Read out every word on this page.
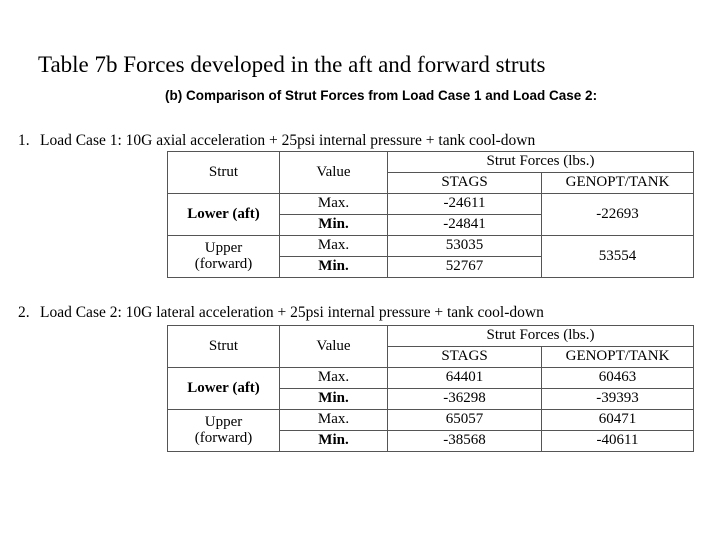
Table 7b Forces developed in the aft and forward struts
(b) Comparison of Strut Forces from Load Case 1 and Load Case 2:
1. Load Case 1: 10G axial acceleration + 25psi internal pressure + tank cool-down
Strut	Value	Strut Forces (lbs.)	
		STAGS	GENOPT/TANK
Lower (aft)	Max.	-24611	-22693
	Min.	-24841	
Upper
(forward)	Max.	53035	53554
	Min.	52767	
2. Load Case 2: 10G lateral acceleration + 25psi internal pressure + tank cool-down
Strut	Value	Strut Forces (lbs.)	
		STAGS	GENOPT/TANK
Lower (aft)	Max.	64401	60463
	Min.	-36298	-39393
Upper
(forward)	Max.	65057	60471
	Min.	-38568	-40611
